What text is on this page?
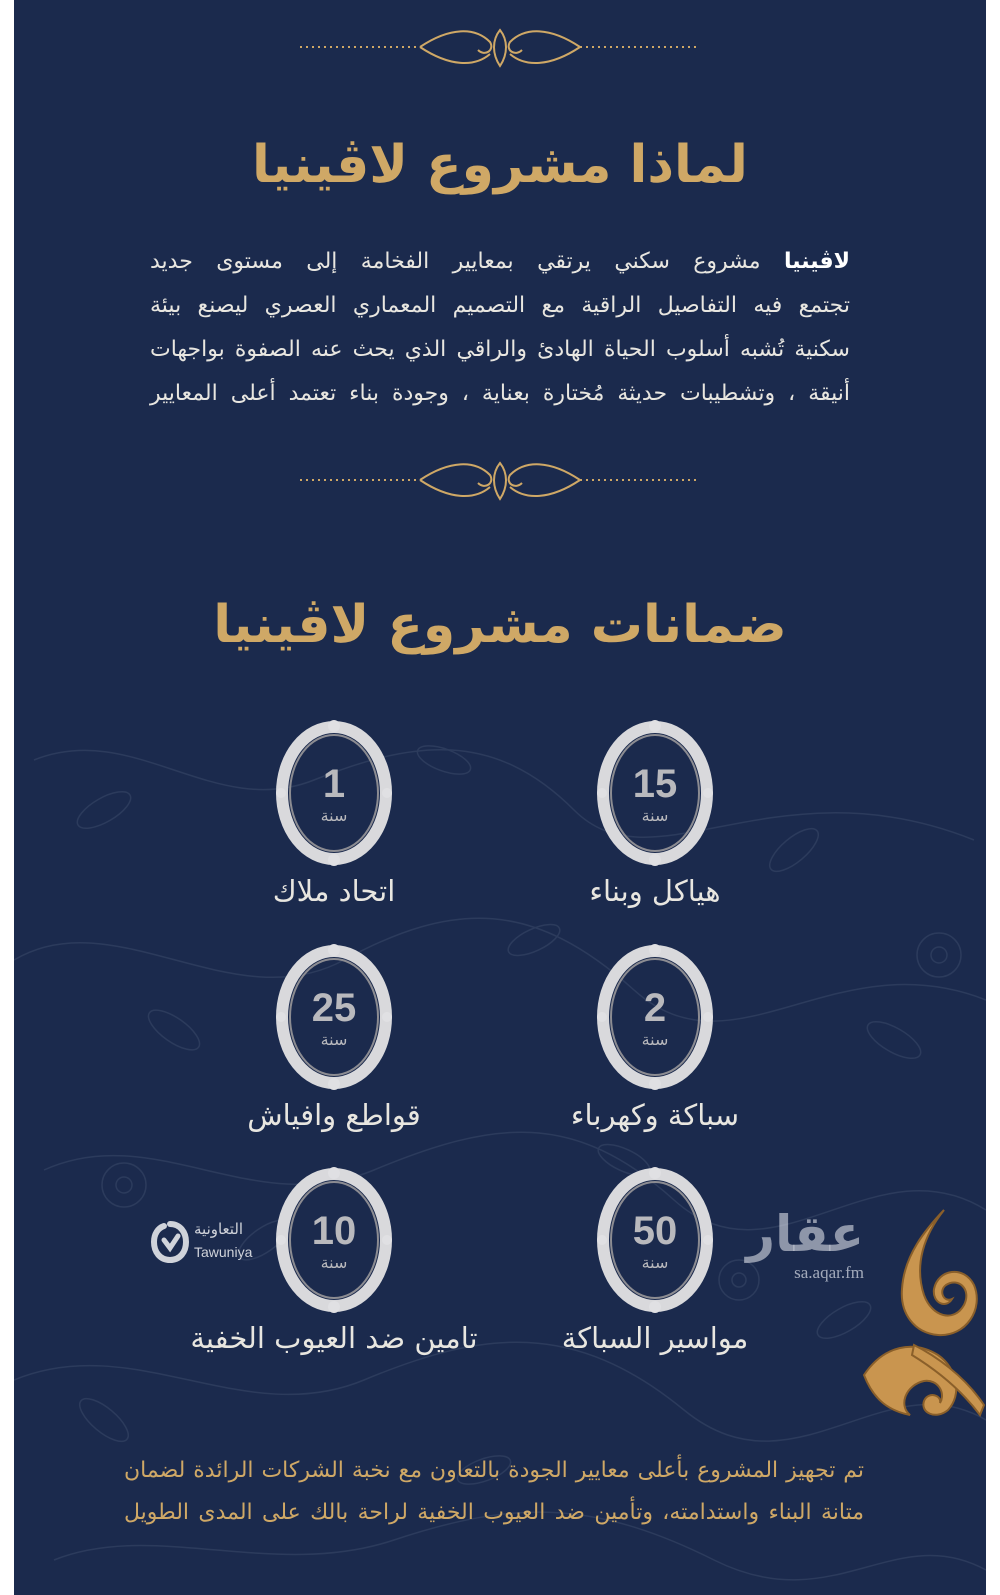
لماذا مشروع لاڤينيا
لاڤينيا مشروع سكني يرتقي بمعايير الفخامة إلى مستوى جديد
تجتمع فيه التفاصيل الراقية مع التصميم المعماري العصري ليصنع بيئة
سكنية تُشبه أسلوب الحياة الهادئ والراقي الذي يحث عنه الصفوة بواجهات
أنيقة ، وتشطيبات حديثة مُختارة بعناية ، وجودة بناء تعتمد أعلى المعايير
ضمانات مشروع لاڤينيا
15
سنة
هياكل وبناء
1
سنة
اتحاد ملاك
2
سنة
سباكة وكهرباء
25
سنة
قواطع وافياش
50
سنة
مواسير السباكة
10
سنة
تامين ضد العيوب الخفية
التعاونية
Tawuniya	عقار
sa.aqar.fm
تم تجهيز المشروع بأعلى معايير الجودة بالتعاون مع نخبة الشركات الرائدة لضمان
متانة البناء واستدامته، وتأمين ضد العيوب الخفية لراحة بالك على المدى الطويل
